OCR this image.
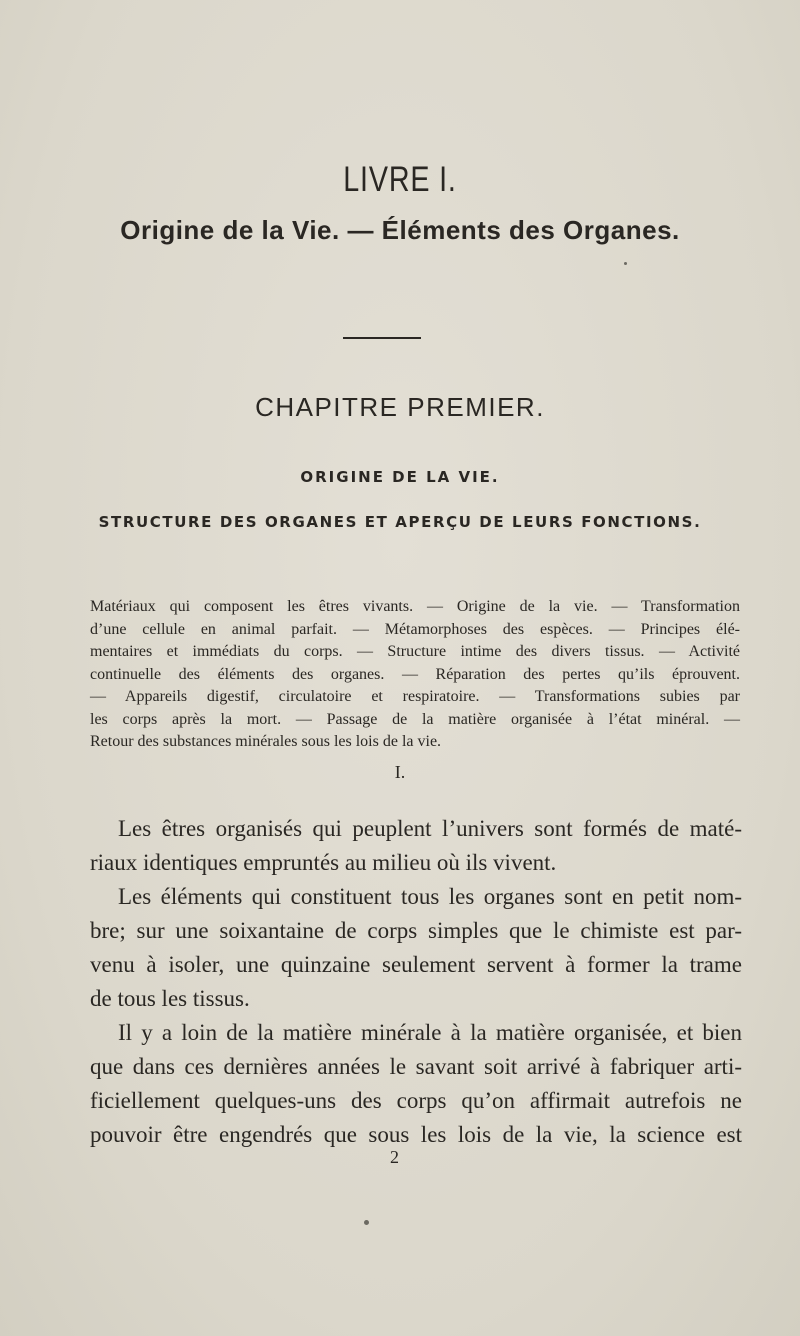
LIVRE I.
Origine de la Vie. — Éléments des Organes.
CHAPITRE PREMIER.
ORIGINE DE LA VIE.
STRUCTURE DES ORGANES ET APERÇU DE LEURS FONCTIONS.
Matériaux qui composent les êtres vivants. — Origine de la vie. — Transformation
d’une cellule en animal parfait. — Métamorphoses des espèces. — Principes élé-
mentaires et immédiats du corps. — Structure intime des divers tissus. — Activité
continuelle des éléments des organes. — Réparation des pertes qu’ils éprouvent.
— Appareils digestif, circulatoire et respiratoire. — Transformations subies par
les corps après la mort. — Passage de la matière organisée à l’état minéral. —
Retour des substances minérales sous les lois de la vie.
I.
Les êtres organisés qui peuplent l’univers sont formés de maté-
riaux identiques empruntés au milieu où ils vivent.
Les éléments qui constituent tous les organes sont en petit nom-
bre; sur une soixantaine de corps simples que le chimiste est par-
venu à isoler, une quinzaine seulement servent à former la trame
de tous les tissus.
Il y a loin de la matière minérale à la matière organisée, et bien
que dans ces dernières années le savant soit arrivé à fabriquer arti-
ficiellement quelques-uns des corps qu’on affirmait autrefois ne
pouvoir être engendrés que sous les lois de la vie, la science est
2
